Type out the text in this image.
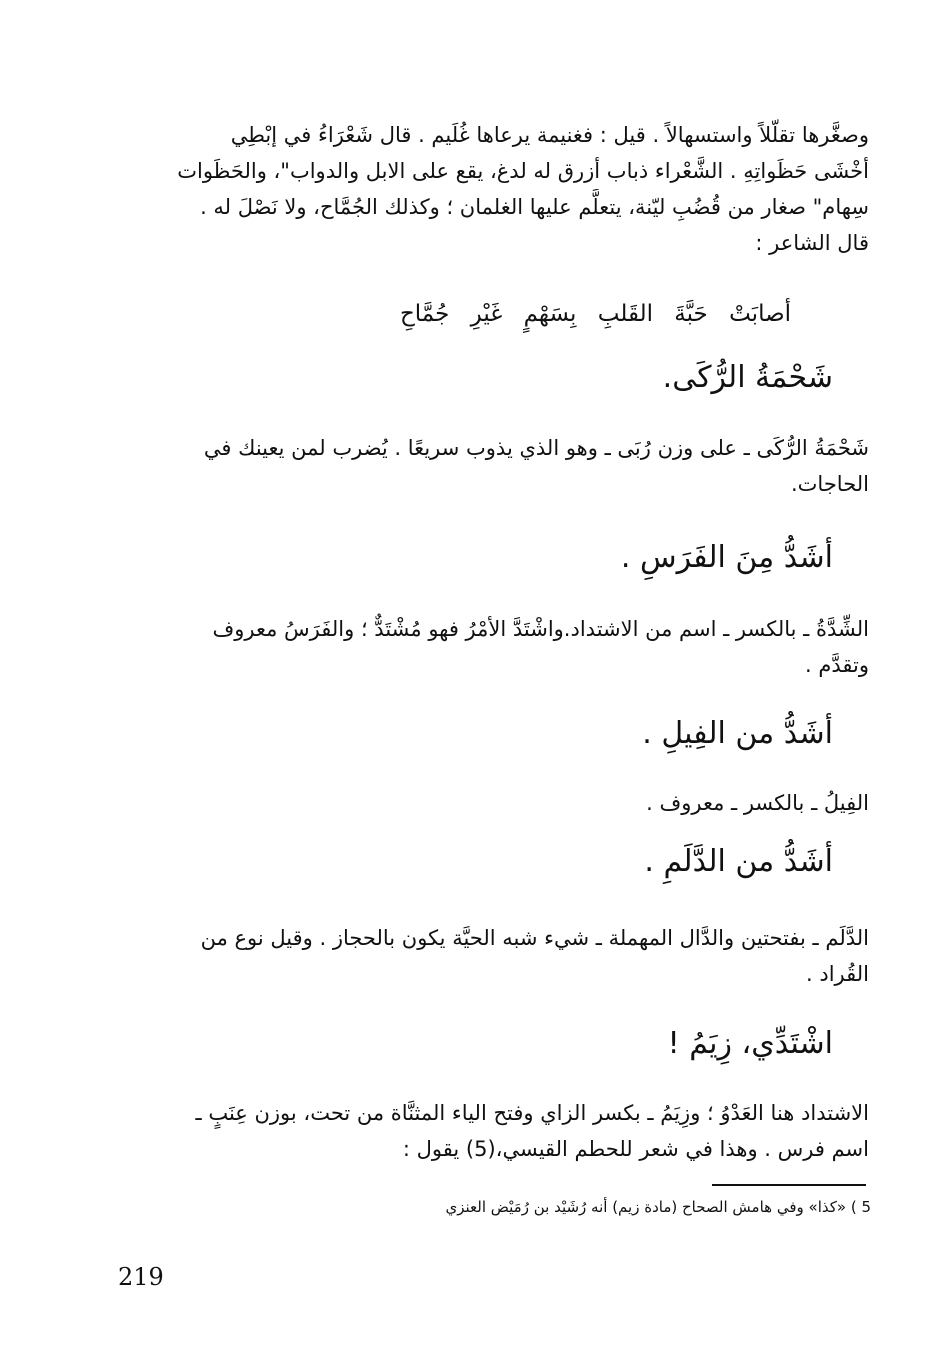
وصغَّرها تقلّلاً واستسهالاً . قيل : فغنيمة يرعاها غُلَيم . قال شَعْرَاءُ في إبْطِي
أخْشَى حَظَواتِهِ . الشَّعْراء ذباب أزرق له لدغ، يقع على الابل والدواب"، والحَظَوات
سِهام" صغار من قُضُبِ ليّنة، يتعلَّم عليها الغلمان ؛ وكذلك الجُمَّاح، ولا نَصْلَ له .
قال الشاعر :
أصابَتْ حَبَّةَ القَلبِ بِسَهْمٍ غَيْرِ جُمَّاحِ
شَحْمَةُ الرُّكَى.
شَحْمَةُ الرُّكَى ـ على وزن رُبَى ـ وهو الذي يذوب سريعًا . يُضرب لمن يعينك في
الحاجات.
أشَدُّ مِنَ الفَرَسِ .
الشِّدَّةُ ـ بالكسر ـ اسم من الاشتداد.واشْتَدَّ الأمْرُ فهو مُشْتَدٌّ ؛ والفَرَسُ معروف
وتقدَّم .
أشَدُّ من الفِيلِ .
الفِيلُ ـ بالكسر ـ معروف .
أشَدُّ من الدَّلَمِ .
الدَّلَم ـ بفتحتين والدَّال المهملة ـ شيء شبه الحيَّة يكون بالحجاز . وقيل نوع من
القُراد .
اشْتَدِّي، زِيَمُ !
الاشتداد هنا العَدْوُ ؛ وزِيَمُ ـ بكسر الزاي وفتح الياء المثنَّاة من تحت، بوزن عِنَبٍ ـ
اسم فرس . وهذا في شعر للحطم القيسي،(5) يقول :
5 ) «كذا» وفي هامش الصحاح (مادة زيم) أنه رُشَيْد بن رُمَيْض العنزي
219
